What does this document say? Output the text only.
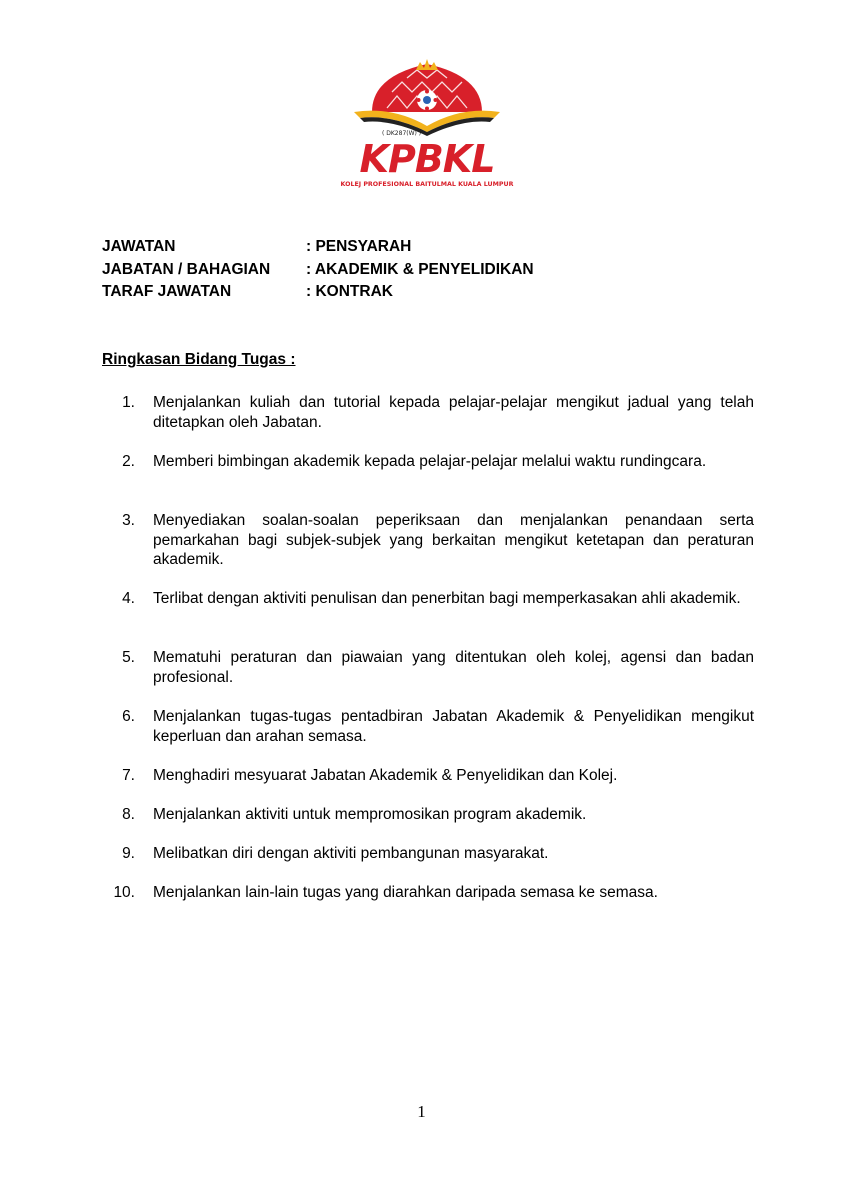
( DK287(W) )
KPBKL
KOLEJ PROFESIONAL BAITULMAL KUALA LUMPUR
JAWATAN	: PENSYARAH
JABATAN / BAHAGIAN : AKADEMIK & PENYELIDIKAN
TARAF JAWATAN	: KONTRAK
Ringkasan Bidang Tugas :
1. Menjalankan kuliah dan tutorial kepada pelajar-pelajar mengikut jadual yang telah ditetapkan oleh Jabatan.
2. Memberi bimbingan akademik kepada pelajar-pelajar melalui waktu rundingcara.
3. Menyediakan soalan-soalan peperiksaan dan menjalankan penandaan serta pemarkahan bagi subjek-subjek yang berkaitan mengikut ketetapan dan peraturan akademik.
4. Terlibat dengan aktiviti penulisan dan penerbitan bagi memperkasakan ahli akademik.
5. Mematuhi peraturan dan piawaian yang ditentukan oleh kolej, agensi dan badan profesional.
6. Menjalankan tugas-tugas pentadbiran Jabatan Akademik & Penyelidikan mengikut keperluan dan arahan semasa.
7. Menghadiri mesyuarat Jabatan Akademik & Penyelidikan dan Kolej.
8. Menjalankan aktiviti untuk mempromosikan program akademik.
9. Melibatkan diri dengan aktiviti pembangunan masyarakat.
10. Menjalankan lain-lain tugas yang diarahkan daripada semasa ke semasa.
1
